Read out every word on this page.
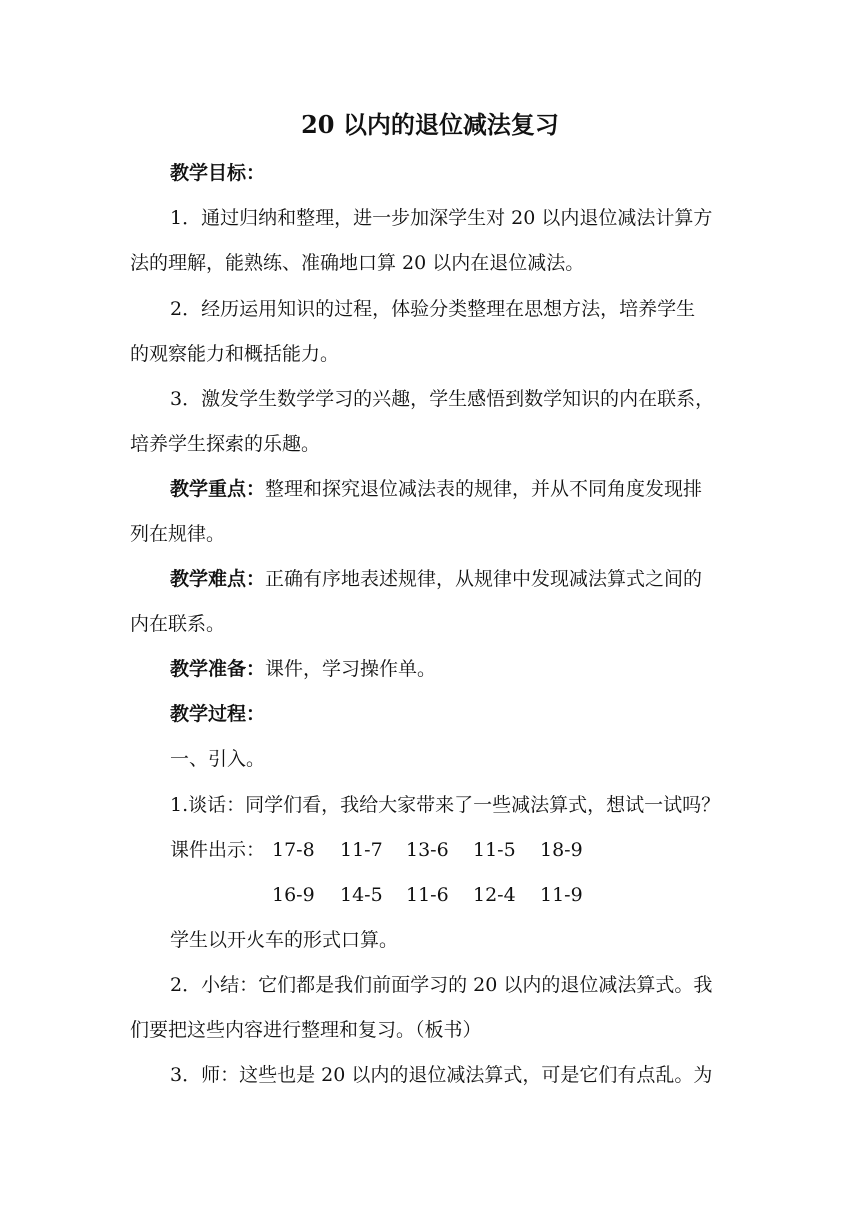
20 以内的退位减法复习
教学目标：
1．通过归纳和整理，进一步加深学生对 20 以内退位减法计算方
法的理解，能熟练、准确地口算 20 以内在退位减法。
2．经历运用知识的过程，体验分类整理在思想方法，培养学生
的观察能力和概括能力。
3．激发学生数学学习的兴趣，学生感悟到数学知识的内在联系，
培养学生探索的乐趣。
教学重点：整理和探究退位减法表的规律，并从不同角度发现排
列在规律。
教学难点：正确有序地表述规律，从规律中发现减法算式之间的
内在联系。
教学准备：课件，学习操作单。
教学过程：
一、引入。
1.谈话：同学们看，我给大家带来了一些减法算式，想试一试吗？
课件出示： 17-8 11-7 13-6 11-5 18-9
16-9 14-5 11-6 12-4 11-9
学生以开火车的形式口算。
2．小结：它们都是我们前面学习的 20 以内的退位减法算式。我
们要把这些内容进行整理和复习。（板书）
3．师：这些也是 20 以内的退位减法算式，可是它们有点乱。为
